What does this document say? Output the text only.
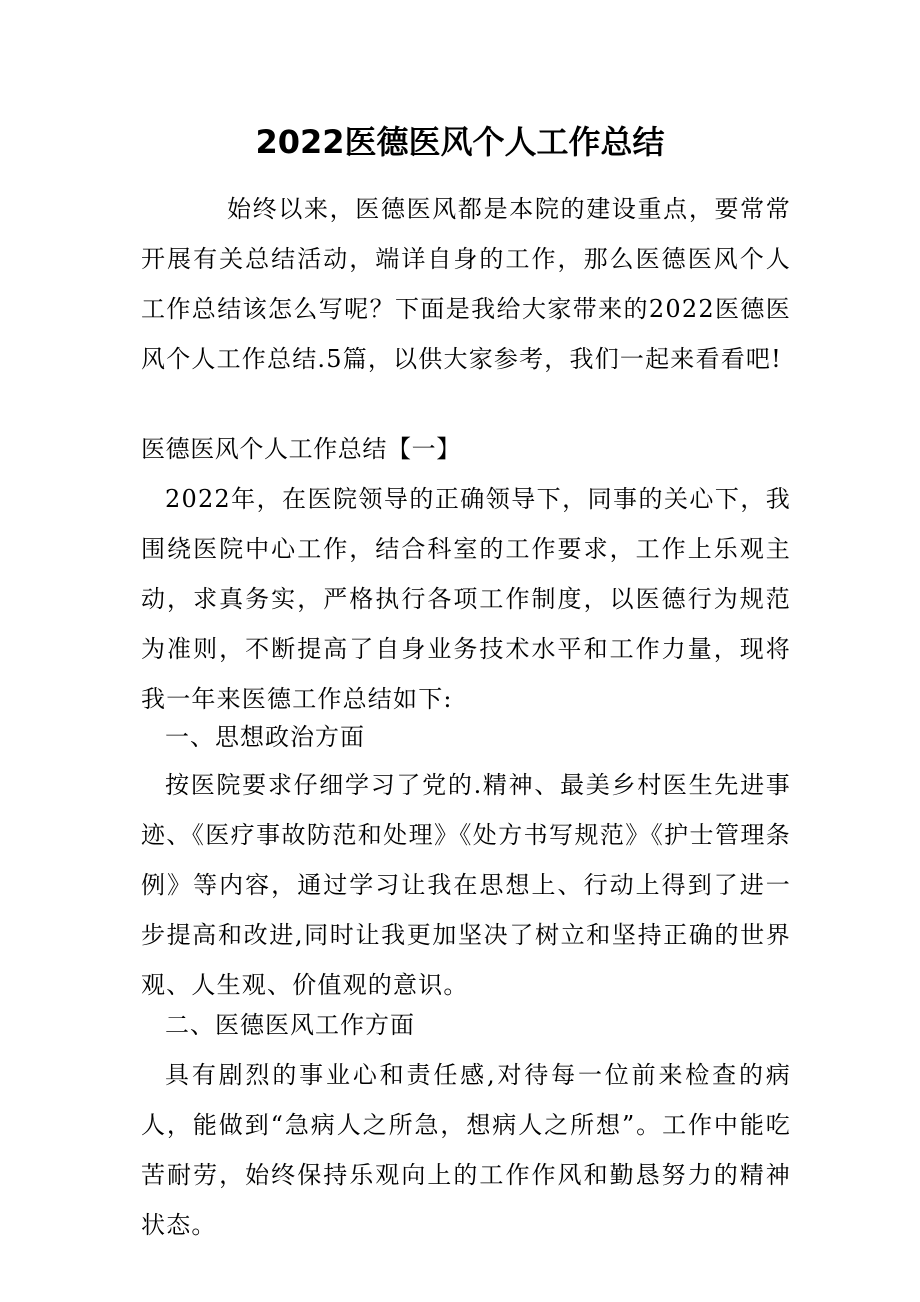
2022医德医风个人工作总结

始终以来，医德医风都是本院的建设重点，要常常开展有关总结活动，端详自身的工作，那么医德医风个人工作总结该怎么写呢？下面是我给大家带来的2022医德医风个人工作总结.5篇，以供大家参考，我们一起来看看吧!

医德医风个人工作总结【一】

2022年，在医院领导的正确领导下，同事的关心下，我围绕医院中心工作，结合科室的工作要求，工作上乐观主动，求真务实，严格执行各项工作制度，以医德行为规范为准则，不断提高了自身业务技术水平和工作力量，现将我一年来医德工作总结如下:

一、思想政治方面

按医院要求仔细学习了党的.精神、最美乡村医生先进事迹、《医疗事故防范和处理》《处方书写规范》《护士管理条例》等内容，通过学习让我在思想上、行动上得到了进一步提高和改进,同时让我更加坚决了树立和坚持正确的世界观、人生观、价值观的意识。

二、医德医风工作方面

具有剧烈的事业心和责任感,对待每一位前来检查的病人，能做到“急病人之所急，想病人之所想”。工作中能吃苦耐劳，始终保持乐观向上的工作作风和勤恳努力的精神状态。
